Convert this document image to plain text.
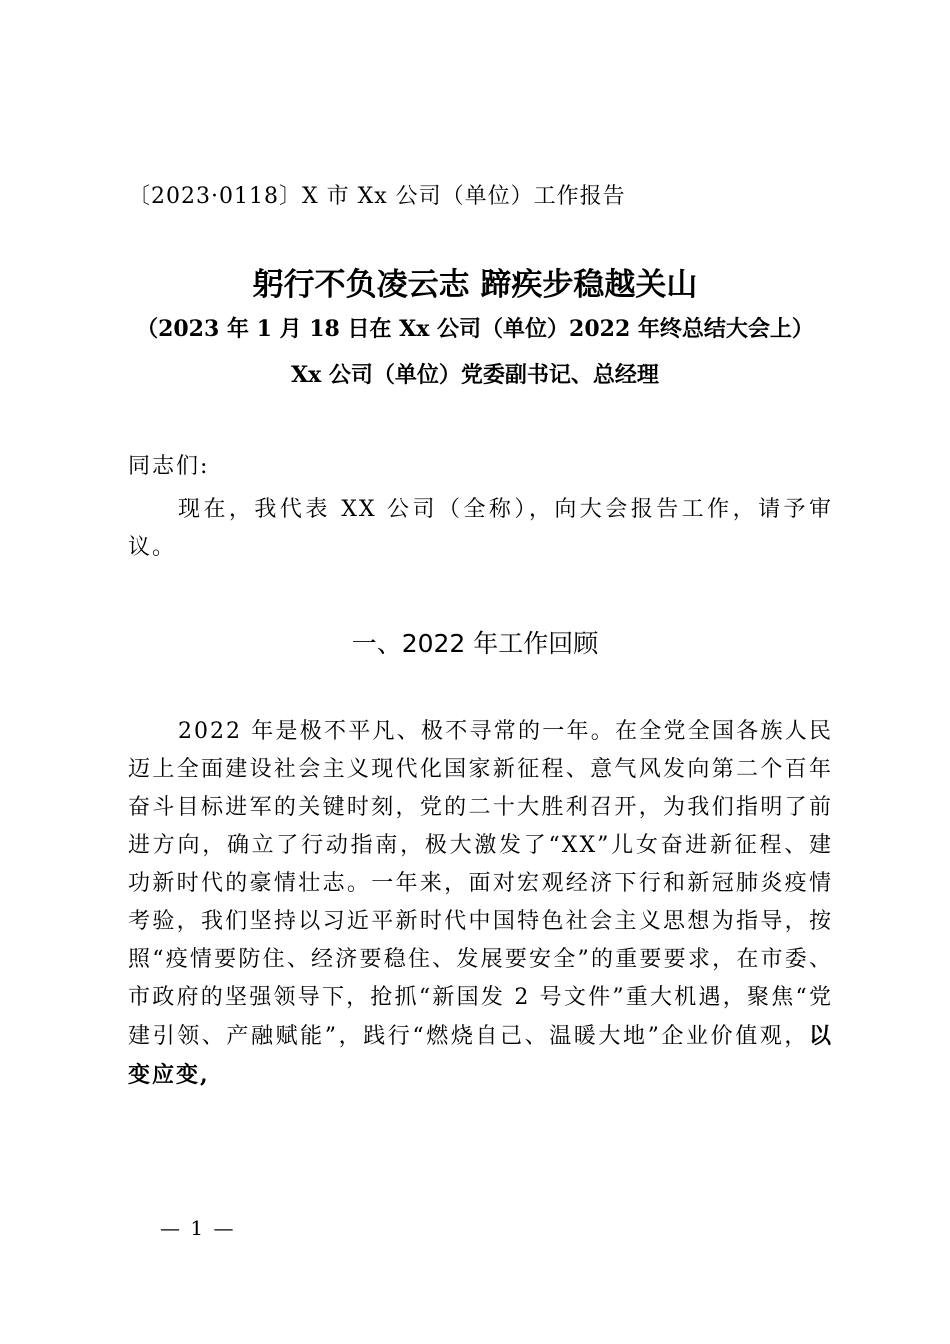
〔2023·0118〕X 市 Xx 公司（单位）工作报告
躬行不负凌云志 蹄疾步稳越关山
（2023 年 1 月 18 日在 Xx 公司（单位）2022 年终总结大会上）
Xx 公司（单位）党委副书记、总经理
同志们:
现在，我代表 XX 公司（全称），向大会报告工作，请予审议。
一、2022 年工作回顾
2022 年是极不平凡、极不寻常的一年。在全党全国各族人民迈上全面建设社会主义现代化国家新征程、意气风发向第二个百年奋斗目标进军的关键时刻，党的二十大胜利召开，为我们指明了前进方向，确立了行动指南，极大激发了“XX”儿女奋进新征程、建功新时代的豪情壮志。一年来，面对宏观经济下行和新冠肺炎疫情考验，我们坚持以习近平新时代中国特色社会主义思想为指导，按照“疫情要防住、经济要稳住、发展要安全”的重要要求，在市委、市政府的坚强领导下，抢抓“新国发 2 号文件”重大机遇，聚焦“党建引领、产融赋能”，践行“燃烧自己、温暖大地”企业价值观，以变应变,
— 1 —
